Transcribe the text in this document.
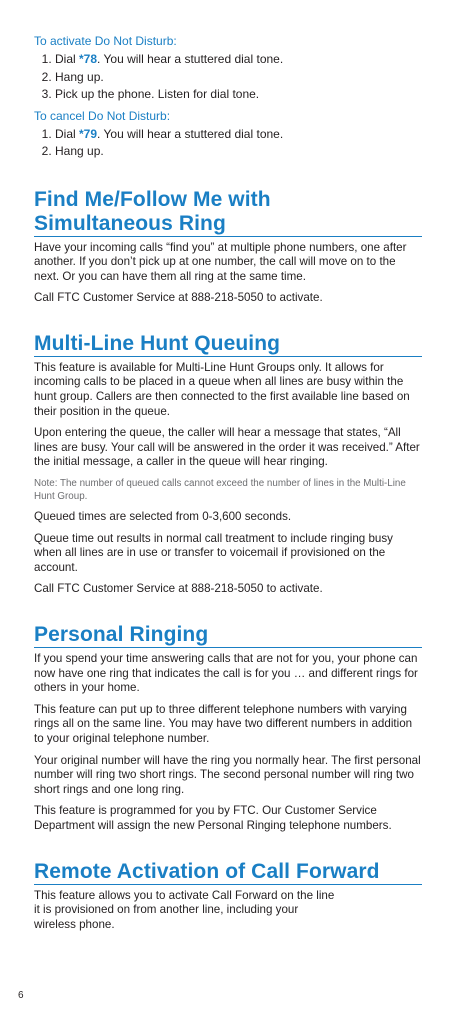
To activate Do Not Disturb:
1. Dial *78. You will hear a stuttered dial tone.
2. Hang up.
3. Pick up the phone. Listen for dial tone.
To cancel Do Not Disturb:
1. Dial *79. You will hear a stuttered dial tone.
2. Hang up.
Find Me/Follow Me with
Simultaneous Ring

Have your incoming calls “find you” at multiple phone numbers, one after another. If you don’t pick up at one number, the call will move on to the next. Or you can have them all ring at the same time.

Call FTC Customer Service at 888-218-5050 to activate.

Multi-Line Hunt Queuing

This feature is available for Multi-Line Hunt Groups only. It allows for incoming calls to be placed in a queue when all lines are busy within the hunt group. Callers are then connected to the first available line based on their position in the queue.

Upon entering the queue, the caller will hear a message that states, “All lines are busy. Your call will be answered in the order it was received.” After the initial message, a caller in the queue will hear ringing.

Note: The number of queued calls cannot exceed the number of lines in the Multi-Line Hunt Group.

Queued times are selected from 0-3,600 seconds.

Queue time out results in normal call treatment to include ringing busy when all lines are in use or transfer to voicemail if provisioned on the account.

Call FTC Customer Service at 888-218-5050 to activate.

Personal Ringing

If you spend your time answering calls that are not for you, your phone can now have one ring that indicates the call is for you … and different rings for others in your home.

This feature can put up to three different telephone numbers with varying rings all on the same line. You may have two different numbers in addition to your original telephone number.

Your original number will have the ring you normally hear. The first personal number will ring two short rings. The second personal number will ring two short rings and one long ring.

This feature is programmed for you by FTC. Our Customer Service Department will assign the new Personal Ringing telephone numbers.

Remote Activation of Call Forward

This feature allows you to activate Call Forward on the line
it is provisioned on from another line, including your
wireless phone.

6
